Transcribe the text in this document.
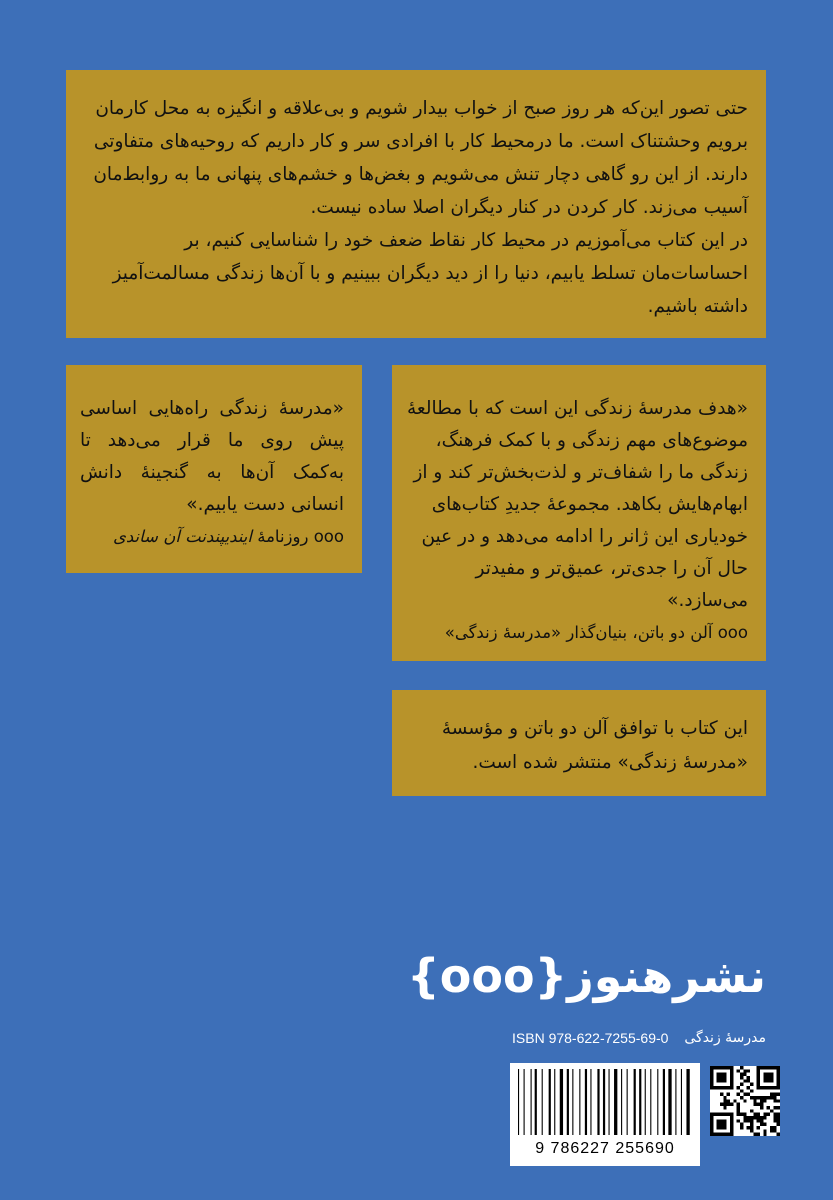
حتی تصور این‌که هر روز صبح از خواب بیدار شویم و بی‌علاقه و انگیزه به محل کارمان برویم وحشتناک است. ما درمحیط کار با افرادی سر و کار داریم که روحیه‌های متفاوتی دارند. از این رو گاهی دچار تنش می‌شویم و بغض‌ها و خشم‌های پنهانی ما به روابط‌مان آسیب می‌زند. کار کردن در کنار دیگران اصلا ساده نیست.

در این کتاب می‌آموزیم در محیط کار نقاط ضعف خود را شناسایی کنیم، بر احساسات‌مان تسلط یابیم، دنیا را از دید دیگران ببینیم و با آن‌ها زندگی مسالمت‌آمیز داشته باشیم.

«هدف مدرسهٔ زندگی این است که با مطالعهٔ موضوع‌های مهم زندگی و با کمک فرهنگ، زندگی ما را شفاف‌تر و لذت‌بخش‌تر کند و از ابهام‌هایش بکاهد. مجموعهٔ جدیدِ کتاب‌های خودیاری این ژانر را ادامه می‌دهد و در عین حال آن را جدی‌تر، عمیق‌تر و مفیدتر می‌سازد.»

ooo آلن دو باتن، بنیان‌گذار «مدرسهٔ زندگی»

«مدرسهٔ زندگی راه‌هایی اساسی پیش روی ما قرار می‌دهد تا به‌کمک آن‌ها به گنجینهٔ دانش انسانی دست یابیم.»

ooo روزنامهٔ ایندیپندنت آن ساندی

این کتاب با توافق آلن دو باتن و مؤسسهٔ «مدرسهٔ زندگی» منتشر شده است.

نشرهنوز{ooo}
ISBN 978-622-7255-69-0 مدرسهٔ زندگی
9 786227 255690
